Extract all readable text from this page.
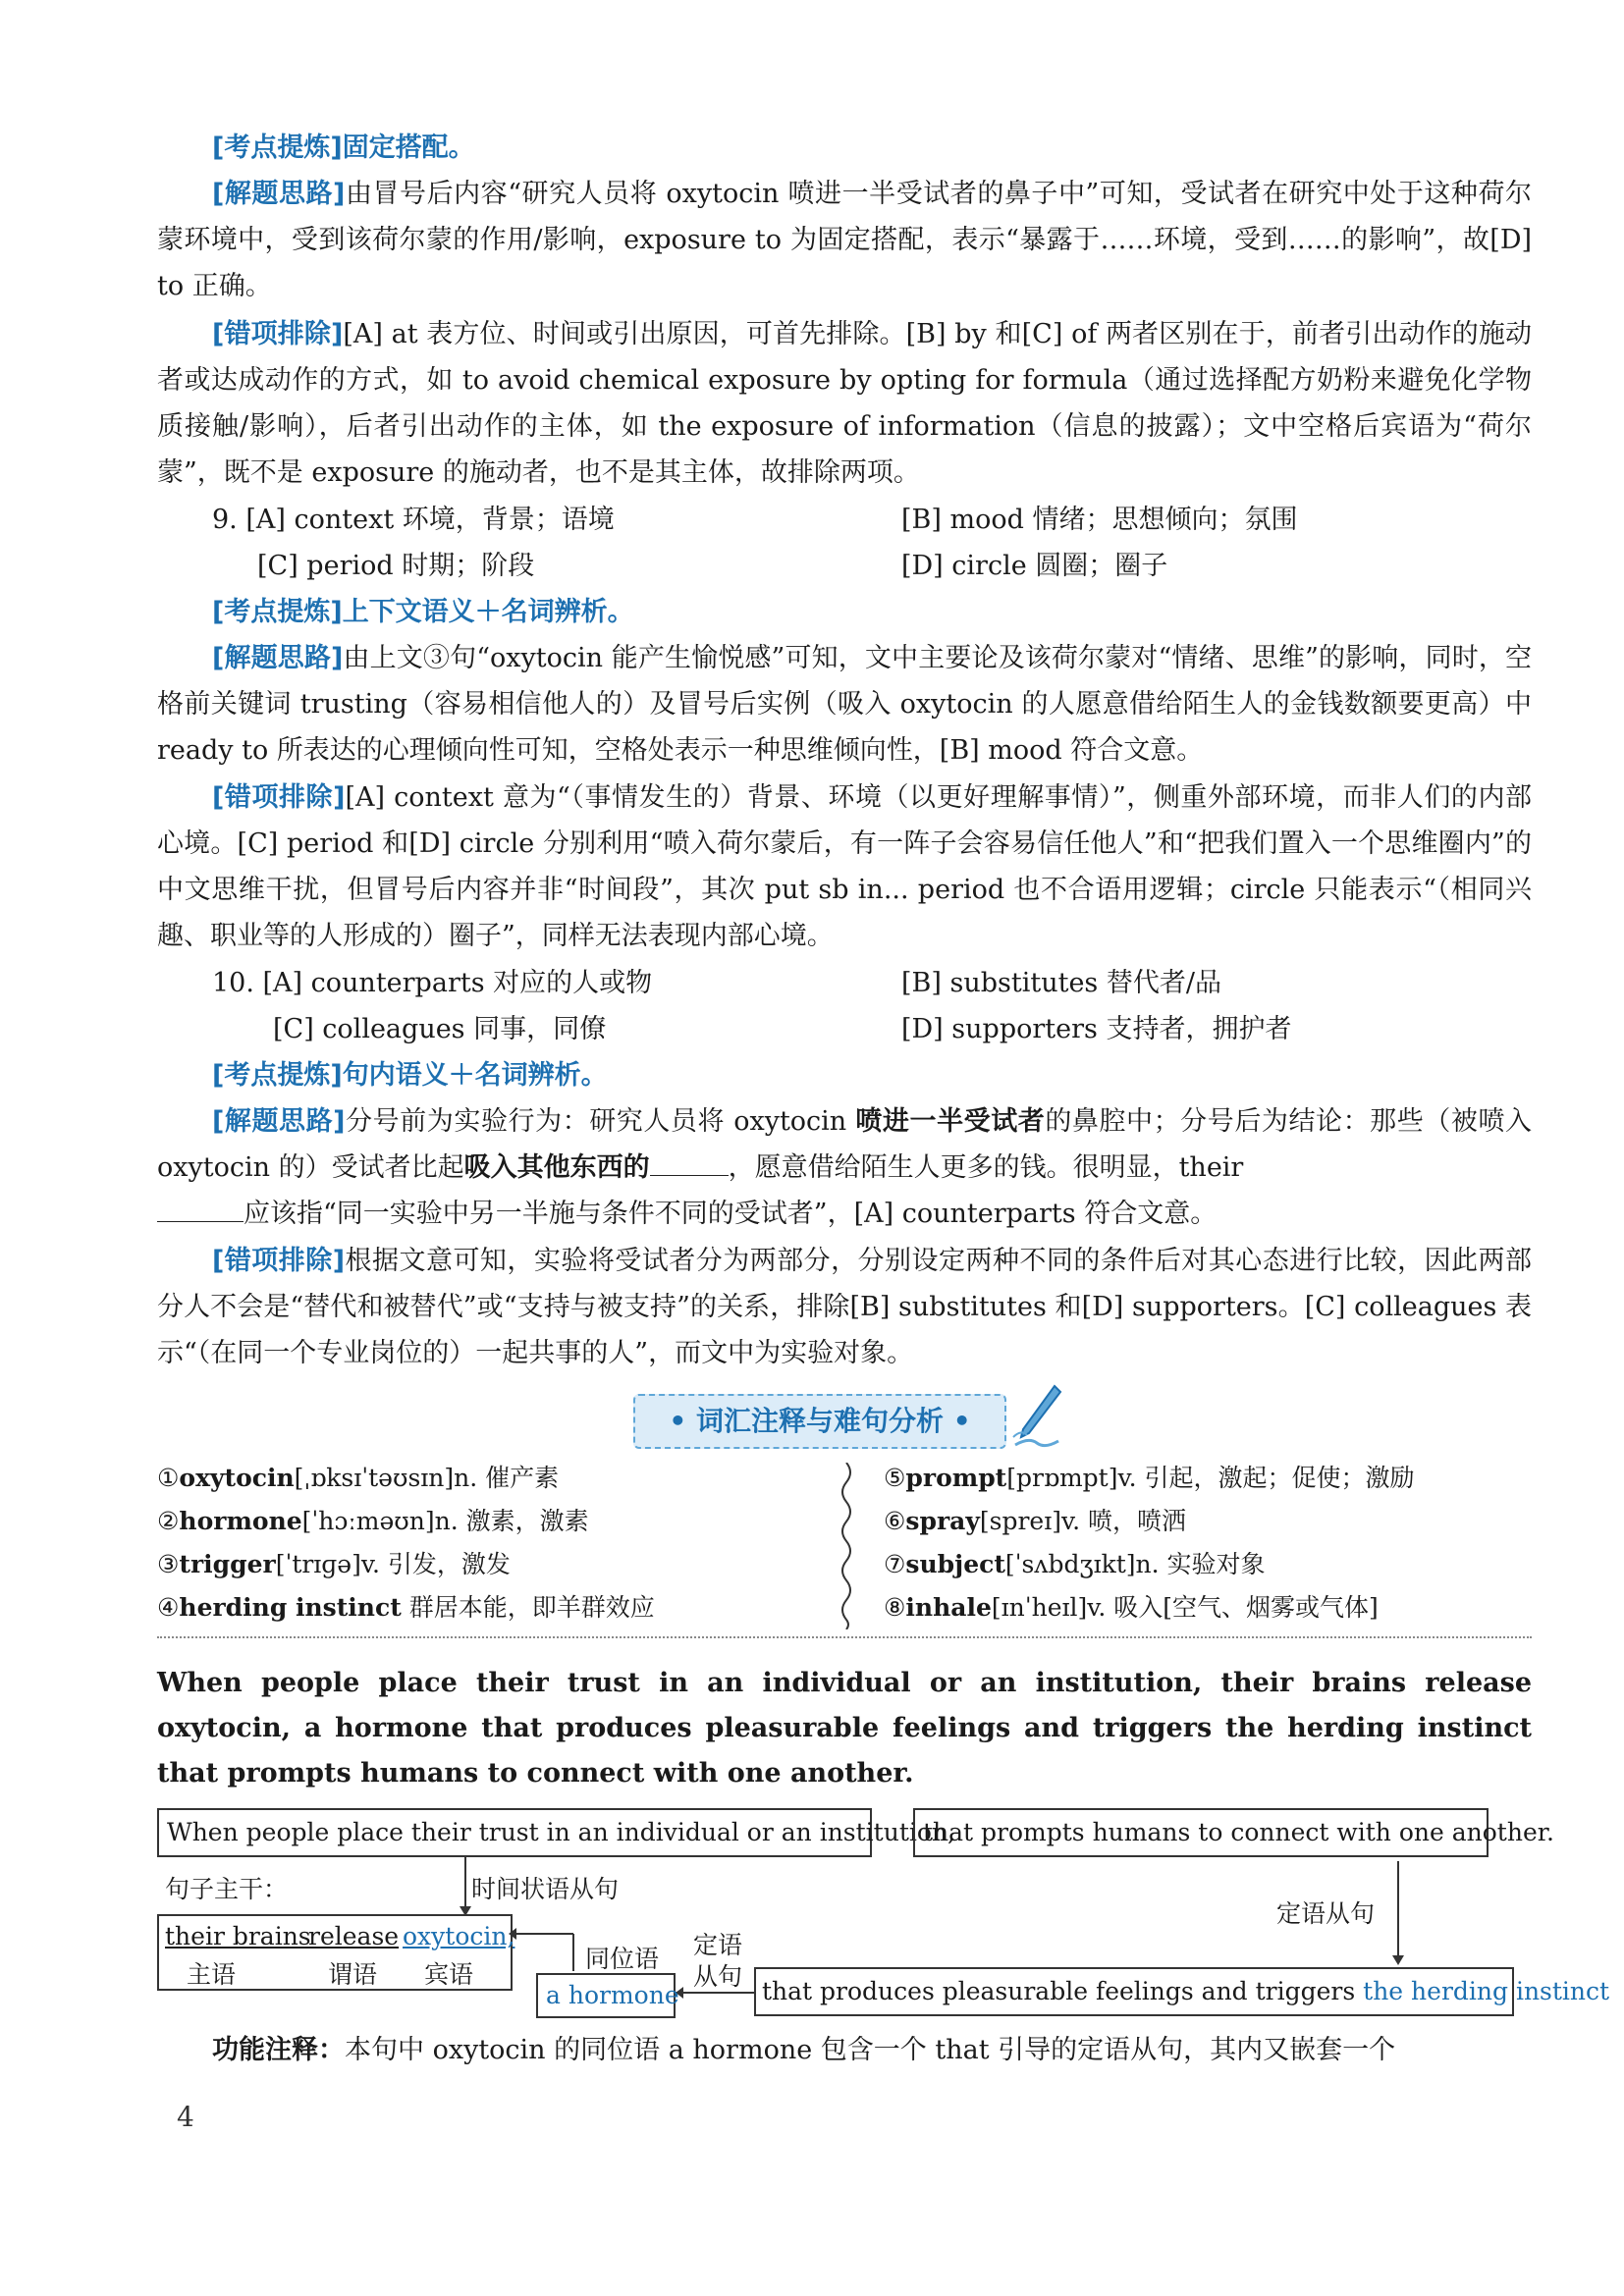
[考点提炼]固定搭配。

[解题思路]由冒号后内容“研究人员将 oxytocin 喷进一半受试者的鼻子中”可知，受试者在研究中处于这种荷尔蒙环境中，受到该荷尔蒙的作用/影响，exposure to 为固定搭配，表示“暴露于……环境，受到……的影响”，故[D] to 正确。

[错项排除][A] at 表方位、时间或引出原因，可首先排除。[B] by 和[C] of 两者区别在于，前者引出动作的施动者或达成动作的方式，如 to avoid chemical exposure by opting for formula（通过选择配方奶粉来避免化学物质接触/影响），后者引出动作的主体，如 the exposure of information（信息的披露）；文中空格后宾语为“荷尔蒙”，既不是 exposure 的施动者，也不是其主体，故排除两项。

9. [A] context 环境，背景；语境	[B] mood 情绪；思想倾向；氛围
[C] period 时期；阶段	[D] circle 圆圈；圈子

[考点提炼]上下文语义＋名词辨析。

[解题思路]由上文③句“oxytocin 能产生愉悦感”可知，文中主要论及该荷尔蒙对“情绪、思维”的影响，同时，空格前关键词 trusting（容易相信他人的）及冒号后实例（吸入 oxytocin 的人愿意借给陌生人的金钱数额要更高）中 ready to 所表达的心理倾向性可知，空格处表示一种思维倾向性，[B] mood 符合文意。

[错项排除][A] context 意为“（事情发生的）背景、环境（以更好理解事情）”，侧重外部环境，而非人们的内部心境。[C] period 和[D] circle 分别利用“喷入荷尔蒙后，有一阵子会容易信任他人”和“把我们置入一个思维圈内”的中文思维干扰，但冒号后内容并非“时间段”，其次 put sb in... period 也不合语用逻辑；circle 只能表示“（相同兴趣、职业等的人形成的）圈子”，同样无法表现内部心境。

10. [A] counterparts 对应的人或物	[B] substitutes 替代者/品
[C] colleagues 同事，同僚	[D] supporters 支持者，拥护者

[考点提炼]句内语义＋名词辨析。

[解题思路]分号前为实验行为：研究人员将 oxytocin 喷进一半受试者的鼻腔中；分号后为结论：那些（被喷入 oxytocin 的）受试者比起吸入其他东西的	，愿意借给陌生人更多的钱。很明显，their
应该指“同一实验中另一半施与条件不同的受试者”，[A] counterparts 符合文意。

[错项排除]根据文意可知，实验将受试者分为两部分，分别设定两种不同的条件后对其心态进行比较，因此两部分人不会是“替代和被替代”或“支持与被支持”的关系，排除[B] substitutes 和[D] supporters。[C] colleagues 表示“（在同一个专业岗位的）一起共事的人”，而文中为实验对象。

• 词汇注释与难句分析 •
①oxytocin[ˌɒksɪˈtəʊsɪn]n. 催产素
②hormone[ˈhɔːməʊn]n. 激素，激素
③trigger[ˈtrɪɡə]v. 引发，激发
④herding instinct 群居本能，即羊群效应
⑤prompt[prɒmpt]v. 引起，激起；促使；激励
⑥spray[spreɪ]v. 喷，喷洒
⑦subject[ˈsʌbdʒɪkt]n. 实验对象
⑧inhale[ɪnˈheɪl]v. 吸入[空气、烟雾或气体]

When people place their trust in an individual or an institution, their brains release oxytocin, a hormone that produces pleasurable feelings and triggers the herding instinct that prompts humans to connect with one another.

When people place their trust in an individual or an institution,
that prompts humans to connect with one another.
句子主干：	时间状语从句
定语从句
their brains
release oxytocin,
主语	谓语 宾语
同位语
a hormone
定语
从句
that produces pleasurable feelings and triggers the herding instinct

功能注释：本句中 oxytocin 的同位语 a hormone 包含一个 that 引导的定语从句，其内又嵌套一个

4
